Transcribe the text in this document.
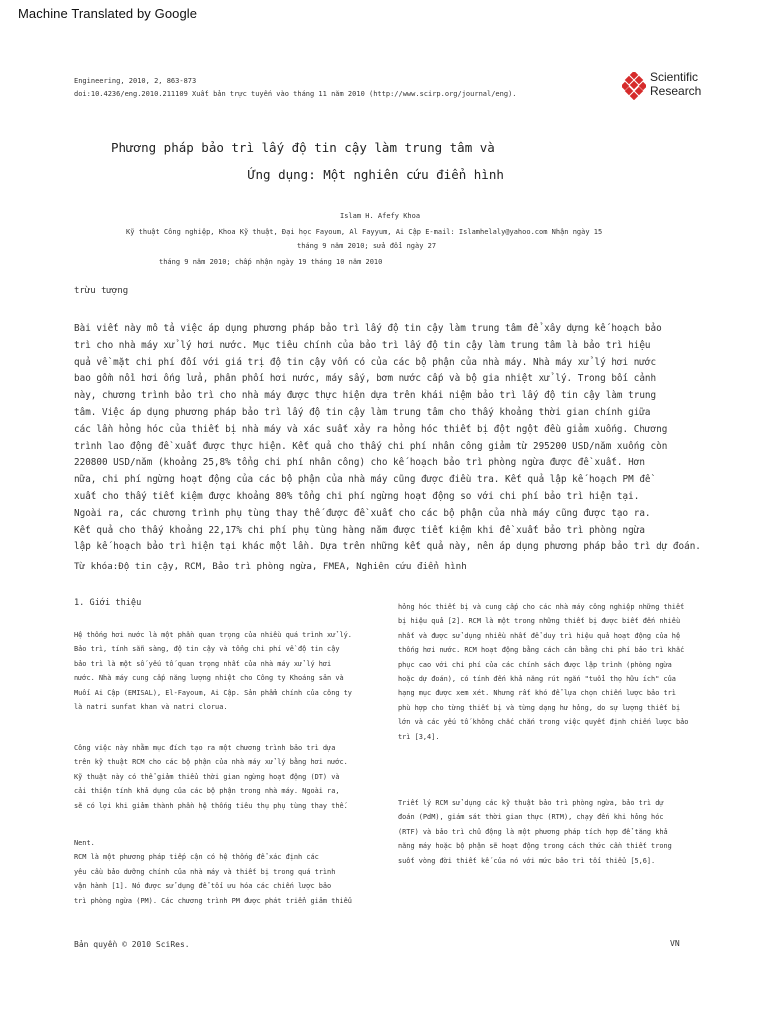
Machine Translated by Google
Engineering, 2010, 2, 863-873
doi:10.4236/eng.2010.211109 Xuất bản trực tuyến vào tháng 11 năm 2010 (http://www.scirp.org/journal/eng).
Scientific
Research
Phương pháp bảo trì lấy độ tin cậy làm trung tâm và
Ứng dụng: Một nghiên cứu điển hình
Islam H. Afefy Khoa
Kỹ thuật Công nghiệp, Khoa Kỹ thuật, Đại học Fayoum, Al Fayyum, Ai Cập E-mail: Islamhelaly@yahoo.com Nhận ngày 15
tháng 9 năm 2010; sửa đổi ngày 27
tháng 9 năm 2010; chấp nhận ngày 19 tháng 10 năm 2010
trừu tượng

Bài viết này mô tả việc áp dụng phương pháp bảo trì lấy độ tin cậy làm trung tâm để xây dựng kế hoạch bảo

trì cho nhà máy xử lý hơi nước. Mục tiêu chính của bảo trì lấy độ tin cậy làm trung tâm là bảo trì hiệu

quả về mặt chi phí đối với giá trị độ tin cậy vốn có của các bộ phận của nhà máy. Nhà máy xử lý hơi nước

bao gồm nồi hơi ống lửa, phân phối hơi nước, máy sấy, bơm nước cấp và bộ gia nhiệt xử lý. Trong bối cảnh

này, chương trình bảo trì cho nhà máy được thực hiện dựa trên khái niệm bảo trì lấy độ tin cậy làm trung

tâm. Việc áp dụng phương pháp bảo trì lấy độ tin cậy làm trung tâm cho thấy khoảng thời gian chính giữa

các lần hỏng hóc của thiết bị nhà máy và xác suất xảy ra hỏng hóc thiết bị đột ngột đều giảm xuống. Chương

trình lao động đề xuất được thực hiện. Kết quả cho thấy chi phí nhân công giảm từ 295200 USD/năm xuống còn

220800 USD/năm (khoảng 25,8% tổng chi phí nhân công) cho kế hoạch bảo trì phòng ngừa được đề xuất. Hơn

nữa, chi phí ngừng hoạt động của các bộ phận của nhà máy cũng được điều tra. Kết quả lập kế hoạch PM đề

xuất cho thấy tiết kiệm được khoảng 80% tổng chi phí ngừng hoạt động so với chi phí bảo trì hiện tại.

Ngoài ra, các chương trình phụ tùng thay thế được đề xuất cho các bộ phận của nhà máy cũng được tạo ra.

Kết quả cho thấy khoảng 22,17% chi phí phụ tùng hàng năm được tiết kiệm khi đề xuất bảo trì phòng ngừa

lập kế hoạch bảo trì hiện tại khác một lần. Dựa trên những kết quả này, nên áp dụng phương pháp bảo trì dự đoán.

Từ khóa:Độ tin cậy, RCM, Bảo trì phòng ngừa, FMEA, Nghiên cứu điển hình
1. Giới thiệu

Hệ thống hơi nước là một phần quan trọng của nhiều quá trình xử lý.

Bảo trì, tính sẵn sàng, độ tin cậy và tổng chi phí về độ tin cậy

bảo trì là một số yếu tố quan trọng nhất của nhà máy xử lý hơi

nước. Nhà máy cung cấp năng lượng nhiệt cho Công ty Khoáng sản và

Muối Ai Cập (EMISAL), El-Fayoum, Ai Cập. Sản phẩm chính của công ty

là natri sunfat khan và natri clorua.

Công việc này nhằm mục đích tạo ra một chương trình bảo trì dựa

trên kỹ thuật RCM cho các bộ phận của nhà máy xử lý bằng hơi nước.

Kỹ thuật này có thể giảm thiểu thời gian ngừng hoạt động (DT) và

cải thiện tính khả dụng của các bộ phận trong nhà máy. Ngoài ra,

sẽ có lợi khi giảm thành phần hệ thống tiêu thụ phụ tùng thay thế.

Nent.

RCM là một phương pháp tiếp cận có hệ thống để xác định các

yêu cầu bảo dưỡng chính của nhà máy và thiết bị trong quá trình

vận hành [1]. Nó được sử dụng để tối ưu hóa các chiến lược bảo

trì phòng ngừa (PM). Các chương trình PM được phát triển giảm thiểu

hỏng hóc thiết bị và cung cấp cho các nhà máy công nghiệp những thiết

bị hiệu quả [2]. RCM là một trong những thiết bị được biết đến nhiều

nhất và được sử dụng nhiều nhất để duy trì hiệu quả hoạt động của hệ

thống hơi nước. RCM hoạt động bằng cách cân bằng chi phí bảo trì khắc

phục cao với chi phí của các chính sách được lập trình (phòng ngừa

hoặc dự đoán), có tính đến khả năng rút ngắn "tuổi thọ hữu ích" của

hạng mục được xem xét. Nhưng rất khó để lựa chọn chiến lược bảo trì

phù hợp cho từng thiết bị và từng dạng hư hỏng, do sự lượng thiết bị

lớn và các yếu tố không chắc chắn trong việc quyết định chiến lược bảo

trì [3,4].

Triết lý RCM sử dụng các kỹ thuật bảo trì phòng ngừa, bảo trì dự

đoán (PdM), giám sát thời gian thực (RTM), chạy đến khi hỏng hóc

(RTF) và bảo trì chủ động là một phương pháp tích hợp để tăng khả

năng máy hoặc bộ phận sẽ hoạt động trong cách thức cần thiết trong

suốt vòng đời thiết kế của nó với mức bảo trì tối thiểu [5,6].

Bản quyền © 2010 SciRes.	VN
